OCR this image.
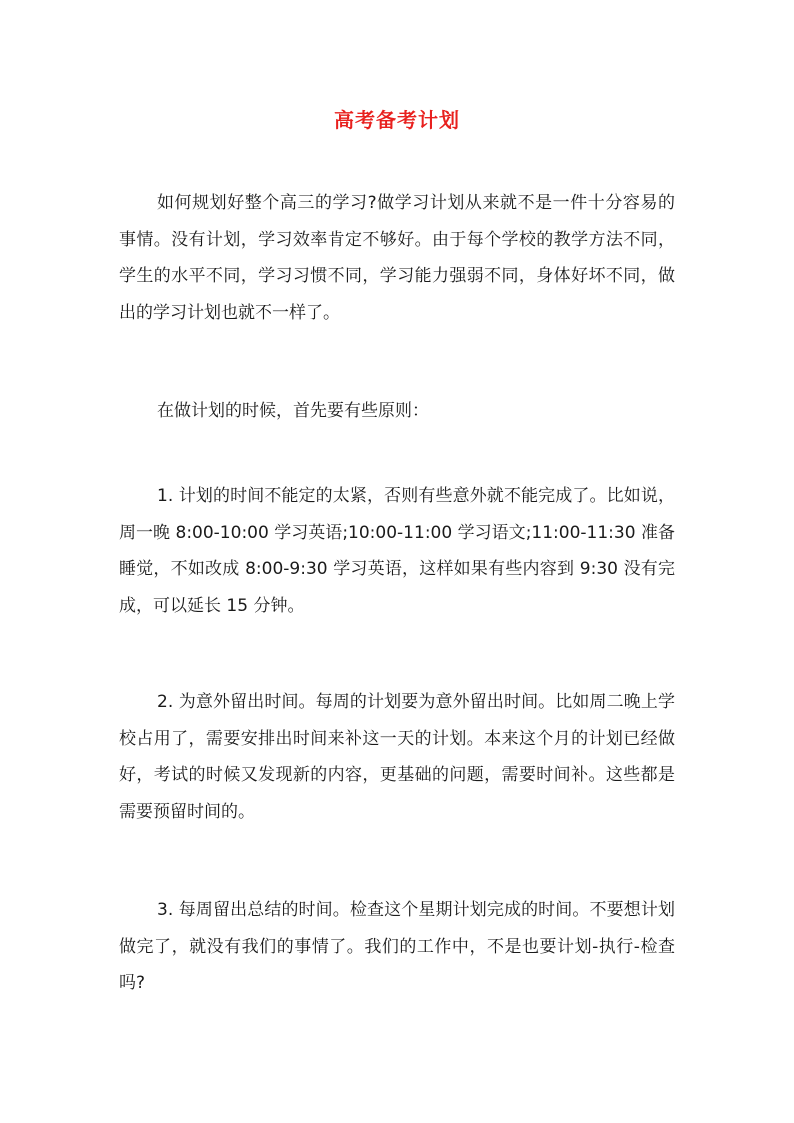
高考备考计划

如何规划好整个高三的学习?做学习计划从来就不是一件十分容易的事情。没有计划，学习效率肯定不够好。由于每个学校的教学方法不同，学生的水平不同，学习习惯不同，学习能力强弱不同，身体好坏不同，做出的学习计划也就不一样了。

在做计划的时候，首先要有些原则：

1. 计划的时间不能定的太紧，否则有些意外就不能完成了。比如说，周一晚 8:00-10:00 学习英语;10:00-11:00 学习语文;11:00-11:30 准备睡觉，不如改成 8:00-9:30 学习英语，这样如果有些内容到 9:30 没有完成，可以延长 15 分钟。

2. 为意外留出时间。每周的计划要为意外留出时间。比如周二晚上学校占用了，需要安排出时间来补这一天的计划。本来这个月的计划已经做好，考试的时候又发现新的内容，更基础的问题，需要时间补。这些都是需要预留时间的。

3. 每周留出总结的时间。检查这个星期计划完成的时间。不要想计划做完了，就没有我们的事情了。我们的工作中，不是也要计划-执行-检查吗?
